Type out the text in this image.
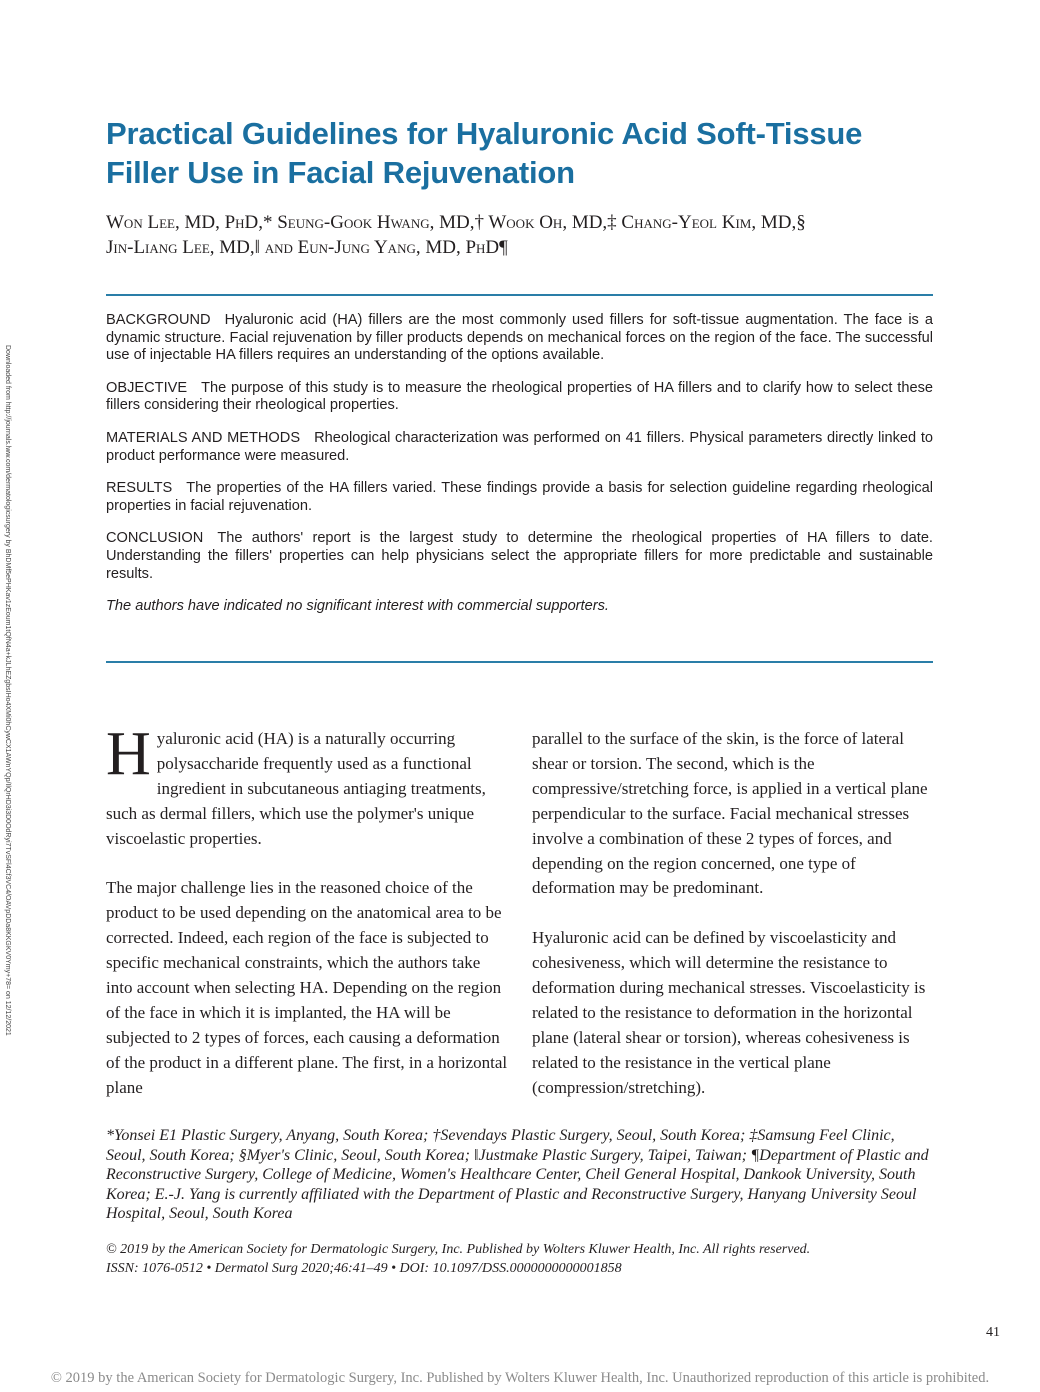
Downloaded from http://journals.lww.com/dermatologicsurgery by BhDMf5ePHKav1zEoum1tQfN4a+kJLhEZgbsIHo4XMi0hCywCX1AWnYQp/IlQrHD3i3D0OdRyi7TvSFl4Cf3VC4/OAVpDDa8KKGKV0Ymy+78= on 12/12/2021
Practical Guidelines for Hyaluronic Acid Soft-Tissue
Filler Use in Facial Rejuvenation
Won Lee, MD, PhD,* Seung-Gook Hwang, MD,† Wook Oh, MD,‡ Chang-Yeol Kim, MD,§
Jin-Liang Lee, MD,‖ and Eun-Jung Yang, MD, PhD¶

BACKGROUND Hyaluronic acid (HA) fillers are the most commonly used fillers for soft-tissue augmentation. The face is a dynamic structure. Facial rejuvenation by filler products depends on mechanical forces on the region of the face. The successful use of injectable HA fillers requires an understanding of the options available.

OBJECTIVE The purpose of this study is to measure the rheological properties of HA fillers and to clarify how to select these fillers considering their rheological properties.

MATERIALS AND METHODS Rheological characterization was performed on 41 fillers. Physical parameters directly linked to product performance were measured.

RESULTS The properties of the HA fillers varied. These findings provide a basis for selection guideline regarding rheological properties in facial rejuvenation.

CONCLUSION The authors' report is the largest study to determine the rheological properties of HA fillers to date. Understanding the fillers' properties can help physicians select the appropriate fillers for more predictable and sustainable results.

The authors have indicated no significant interest with commercial supporters.

Hyaluronic acid (HA) is a naturally occurring polysaccharide frequently used as a functional ingredient in subcutaneous antiaging treatments, such as dermal fillers, which use the polymer's unique viscoelastic properties.

The major challenge lies in the reasoned choice of the product to be used depending on the anatomical area to be corrected. Indeed, each region of the face is subjected to specific mechanical constraints, which the authors take into account when selecting HA. Depending on the region of the face in which it is implanted, the HA will be subjected to 2 types of forces, each causing a deformation of the product in a different plane. The first, in a horizontal plane

parallel to the surface of the skin, is the force of lateral shear or torsion. The second, which is the compressive/stretching force, is applied in a vertical plane perpendicular to the surface. Facial mechanical stresses involve a combination of these 2 types of forces, and depending on the region concerned, one type of deformation may be predominant.

Hyaluronic acid can be defined by viscoelasticity and cohesiveness, which will determine the resistance to deformation during mechanical stresses. Viscoelasticity is related to the resistance to deformation in the horizontal plane (lateral shear or torsion), whereas cohesiveness is related to the resistance in the vertical plane (compression/stretching).

*Yonsei E1 Plastic Surgery, Anyang, South Korea; †Sevendays Plastic Surgery, Seoul, South Korea; ‡Samsung Feel Clinic, Seoul, South Korea; §Myer's Clinic, Seoul, South Korea; ‖Justmake Plastic Surgery, Taipei, Taiwan; ¶Department of Plastic and Reconstructive Surgery, College of Medicine, Women's Healthcare Center, Cheil General Hospital, Dankook University, South Korea; E.-J. Yang is currently affiliated with the Department of Plastic and Reconstructive Surgery, Hanyang University Seoul Hospital, Seoul, South Korea
© 2019 by the American Society for Dermatologic Surgery, Inc. Published by Wolters Kluwer Health, Inc. All rights reserved.
ISSN: 1076-0512 • Dermatol Surg 2020;46:41–49 • DOI: 10.1097/DSS.0000000000001858
41
© 2019 by the American Society for Dermatologic Surgery, Inc. Published by Wolters Kluwer Health, Inc. Unauthorized reproduction of this article is prohibited.
